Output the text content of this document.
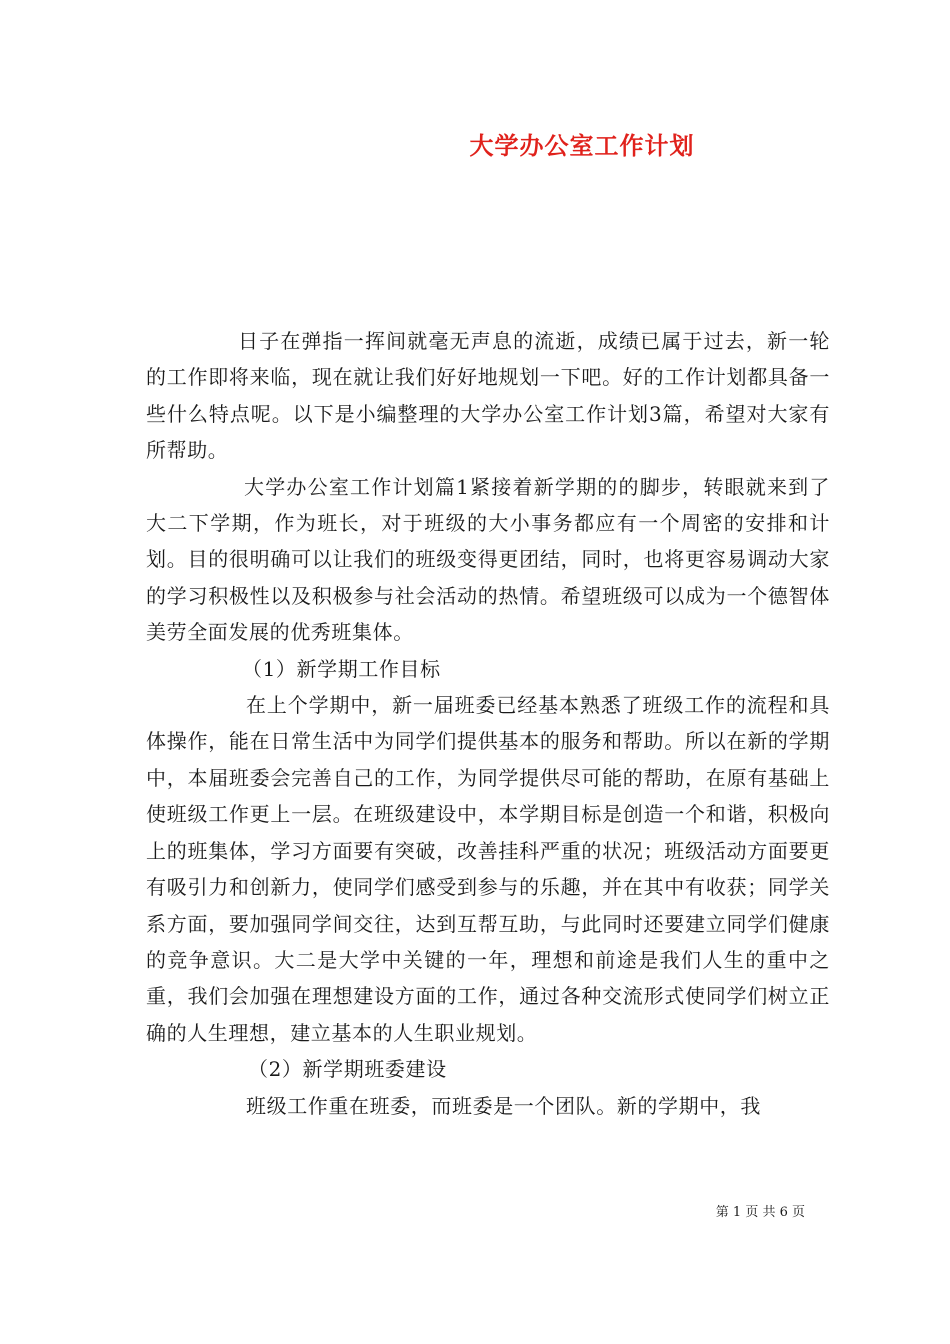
大学办公室工作计划

日子在弹指一挥间就毫无声息的流逝，成绩已属于过去，新一轮的工作即将来临，现在就让我们好好地规划一下吧。好的工作计划都具备一些什么特点呢。以下是小编整理的大学办公室工作计划3篇，希望对大家有所帮助。

大学办公室工作计划篇1紧接着新学期的的脚步，转眼就来到了大二下学期，作为班长，对于班级的大小事务都应有一个周密的安排和计划。目的很明确可以让我们的班级变得更团结，同时，也将更容易调动大家的学习积极性以及积极参与社会活动的热情。希望班级可以成为一个德智体美劳全面发展的优秀班集体。

（1）新学期工作目标

在上个学期中，新一届班委已经基本熟悉了班级工作的流程和具体操作，能在日常生活中为同学们提供基本的服务和帮助。所以在新的学期中，本届班委会完善自己的工作，为同学提供尽可能的帮助，在原有基础上使班级工作更上一层。在班级建设中，本学期目标是创造一个和谐，积极向上的班集体，学习方面要有突破，改善挂科严重的状况；班级活动方面要更有吸引力和创新力，使同学们感受到参与的乐趣，并在其中有收获；同学关系方面，要加强同学间交往，达到互帮互助，与此同时还要建立同学们健康的竞争意识。大二是大学中关键的一年，理想和前途是我们人生的重中之重，我们会加强在理想建设方面的工作，通过各种交流形式使同学们树立正确的人生理想，建立基本的人生职业规划。

（2）新学期班委建设

班级工作重在班委，而班委是一个团队。新的学期中，我

第 1 页 共 6 页
